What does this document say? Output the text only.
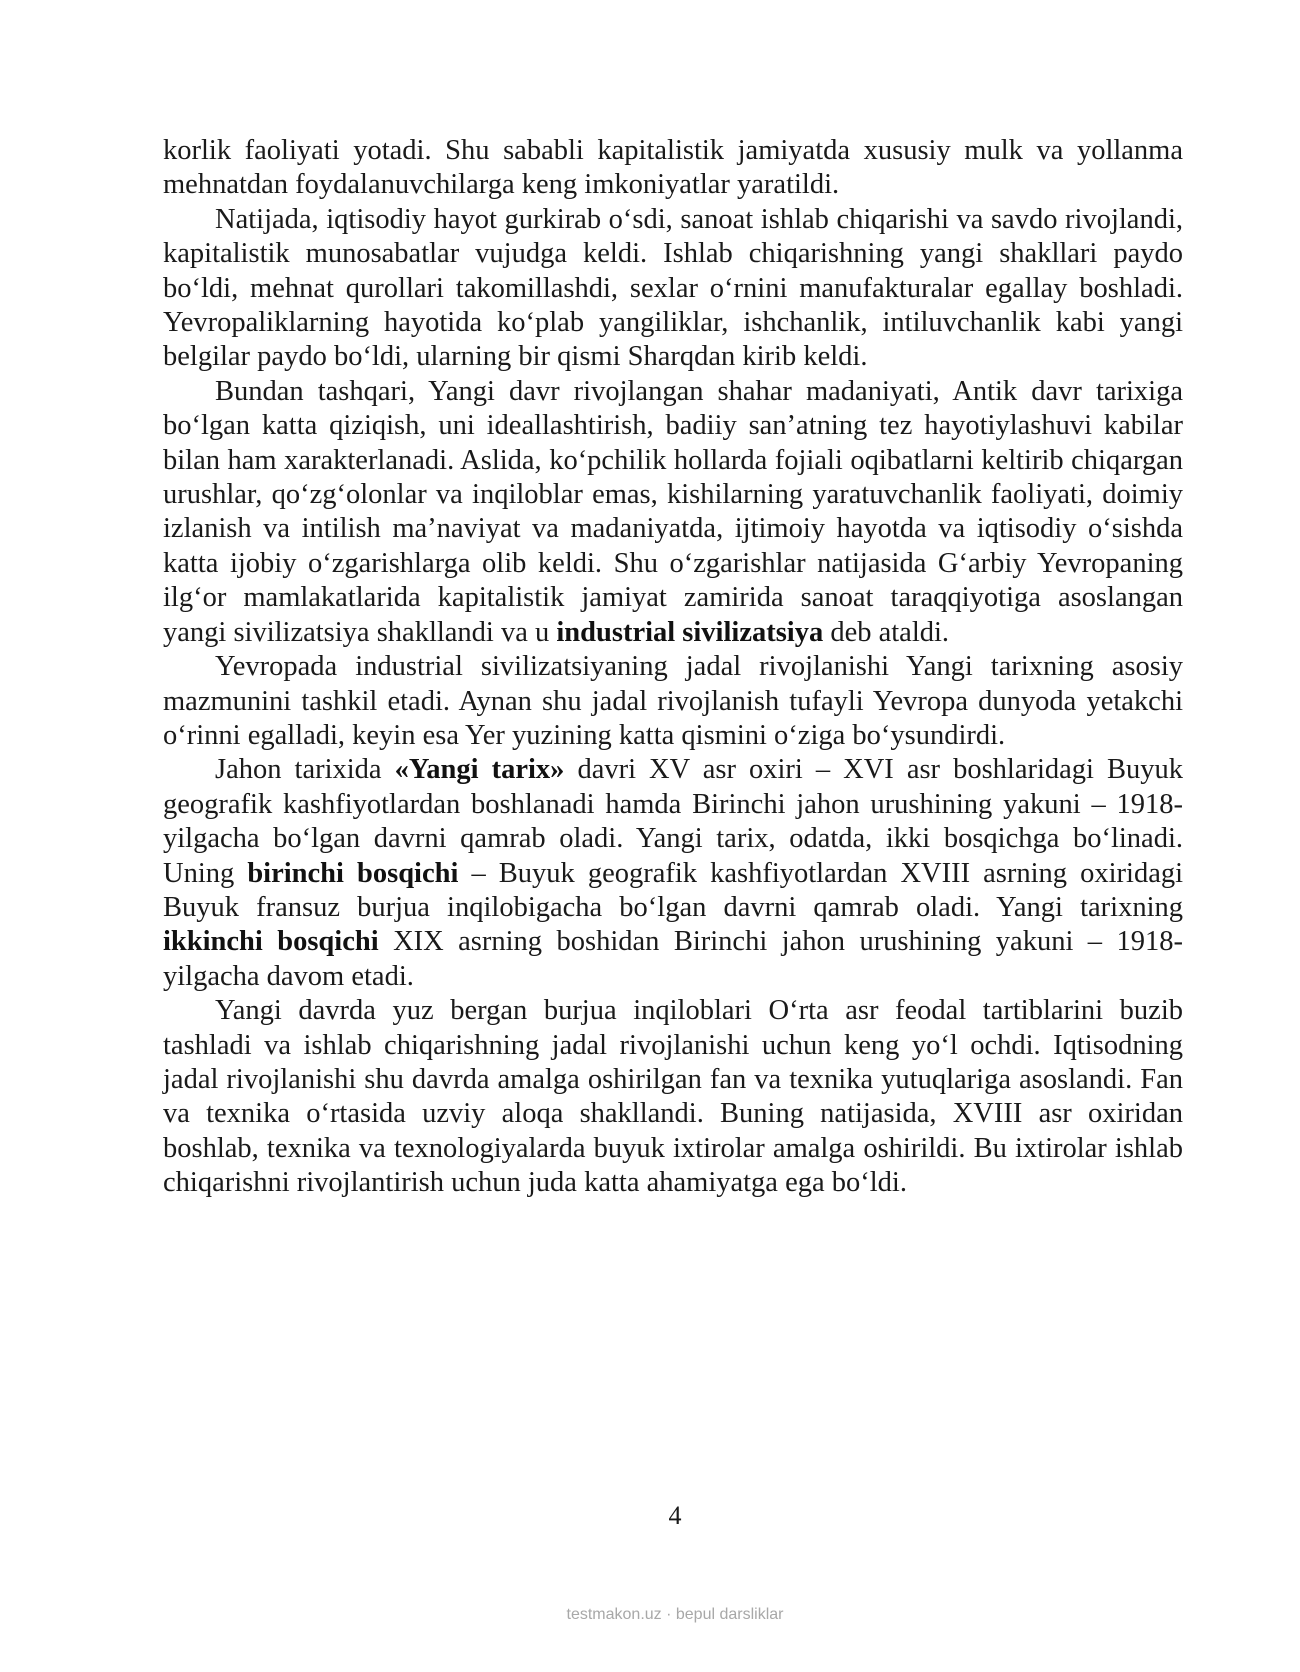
korlik faoliyati yotadi. Shu sababli kapitalistik jamiyatda xususiy mulk va yollanma mehnatdan foydalanuvchilarga keng imkoniyatlar yaratildi.

Natijada, iqtisodiy hayot gurkirab o‘sdi, sanoat ishlab chiqarishi va savdo rivojlandi, kapitalistik munosabatlar vujudga keldi. Ishlab chiqarishning yangi shakllari paydo bo‘ldi, mehnat qurollari takomillashdi, sexlar o‘rnini manufakturalar egallay boshladi. Yevropaliklarning hayotida ko‘plab yangiliklar, ishchanlik, intiluvchanlik kabi yangi belgilar paydo bo‘ldi, ularning bir qismi Sharqdan kirib keldi.

Bundan tashqari, Yangi davr rivojlangan shahar madaniyati, Antik davr tarixiga bo‘lgan katta qiziqish, uni ideallashtirish, badiiy san’atning tez hayotiylashuvi kabilar bilan ham xarakterlanadi. Aslida, ko‘pchilik hollarda fojiali oqibatlarni keltirib chiqargan urushlar, qo‘zg‘olonlar va inqiloblar emas, kishilarning yaratuvchanlik faoliyati, doimiy izlanish va intilish ma’naviyat va madaniyatda, ijtimoiy hayotda va iqtisodiy o‘sishda katta ijobiy o‘zgarishlarga olib keldi. Shu o‘zgarishlar natijasida G‘arbiy Yevropaning ilg‘or mamlakatlarida kapitalistik jamiyat zamirida sanoat taraqqiyotiga asoslangan yangi sivilizatsiya shakllandi va u industrial sivilizatsiya deb ataldi.

Yevropada industrial sivilizatsiyaning jadal rivojlanishi Yangi tarixning asosiy mazmunini tashkil etadi. Aynan shu jadal rivojlanish tufayli Yevropa dunyoda yetakchi o‘rinni egalladi, keyin esa Yer yuzining katta qismini o‘ziga bo‘ysundirdi.

Jahon tarixida «Yangi tarix» davri XV asr oxiri – XVI asr boshlaridagi Buyuk geografik kashfiyotlardan boshlanadi hamda Birinchi jahon urushining yakuni – 1918-yilgacha bo‘lgan davrni qamrab oladi. Yangi tarix, odatda, ikki bosqichga bo‘linadi. Uning birinchi bosqichi – Buyuk geografik kashfiyotlardan XVIII asrning oxiridagi Buyuk fransuz burjua inqilobigacha bo‘lgan davrni qamrab oladi. Yangi tarixning ikkinchi bosqichi XIX asrning boshidan Birinchi jahon urushining yakuni – 1918-yilgacha davom etadi.

Yangi davrda yuz bergan burjua inqiloblari O‘rta asr feodal tartiblarini buzib tashladi va ishlab chiqarishning jadal rivojlanishi uchun keng yo‘l ochdi. Iqtisodning jadal rivojlanishi shu davrda amalga oshirilgan fan va texnika yutuqlariga asoslandi. Fan va texnika o‘rtasida uzviy aloqa shakllandi. Buning natijasida, XVIII asr oxiridan boshlab, texnika va texnologiyalarda buyuk ixtirolar amalga oshirildi. Bu ixtirolar ishlab chiqarishni rivojlantirish uchun juda katta ahamiyatga ega bo‘ldi.

4
testmakon.uz · bepul darsliklar
